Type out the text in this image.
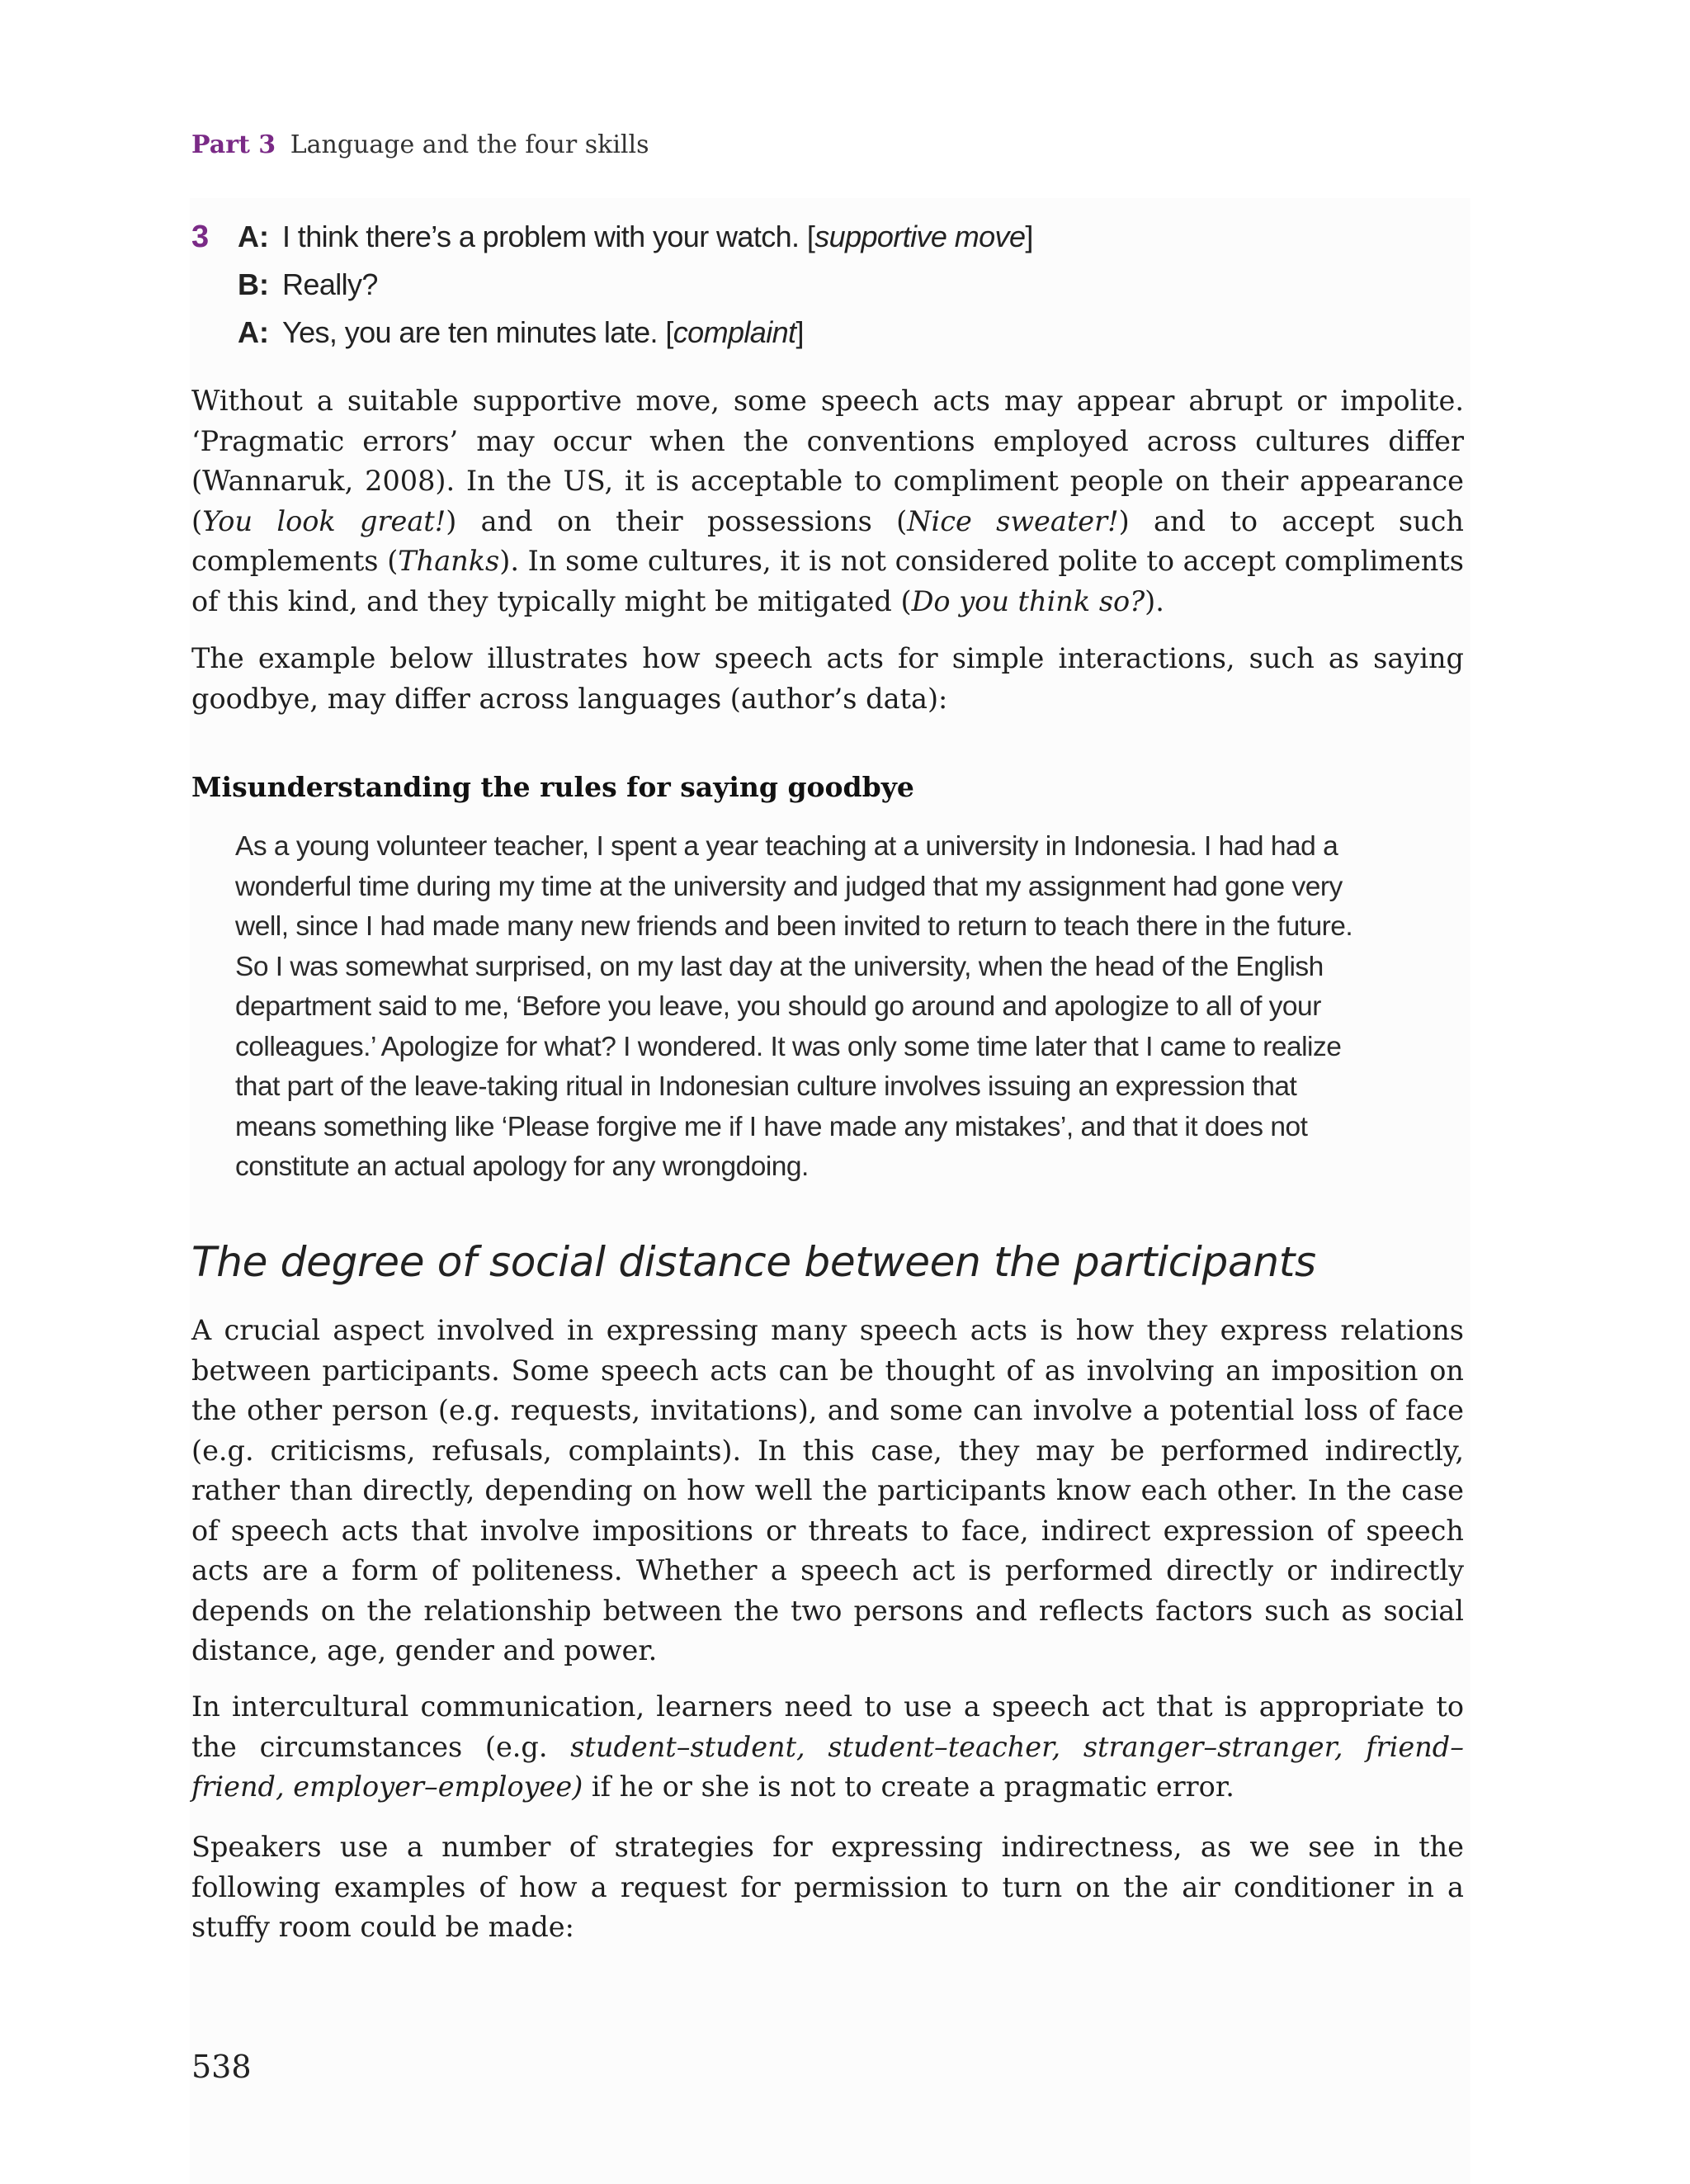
Part 3 Language and the four skills
3 A: I think there’s a problem with your watch. [supportive move]
B: Really?
A: Yes, you are ten minutes late. [complaint]

Without a suitable supportive move, some speech acts may appear abrupt or impolite. ‘Pragmatic errors’ may occur when the conventions employed across cultures differ (Wannaruk, 2008). In the US, it is acceptable to compliment people on their appearance (You look great!) and on their possessions (Nice sweater!) and to accept such complements (Thanks). In some cultures, it is not considered polite to accept compliments of this kind, and they typically might be mitigated (Do you think so?).

The example below illustrates how speech acts for simple interactions, such as saying goodbye, may differ across languages (author’s data):

Misunderstanding the rules for saying goodbye

As a young volunteer teacher, I spent a year teaching at a university in Indonesia. I had had a wonderful time during my time at the university and judged that my assignment had gone very well, since I had made many new friends and been invited to return to teach there in the future. So I was somewhat surprised, on my last day at the university, when the head of the English department said to me, ‘Before you leave, you should go around and apologize to all of your colleagues.’ Apologize for what? I wondered. It was only some time later that I came to realize that part of the leave-taking ritual in Indonesian culture involves issuing an expression that means something like ‘Please forgive me if I have made any mistakes’, and that it does not constitute an actual apology for any wrongdoing.

The degree of social distance between the participants

A crucial aspect involved in expressing many speech acts is how they express relations between participants. Some speech acts can be thought of as involving an imposition on the other person (e.g. requests, invitations), and some can involve a potential loss of face (e.g. criticisms, refusals, complaints). In this case, they may be performed indirectly, rather than directly, depending on how well the participants know each other. In the case of speech acts that involve impositions or threats to face, indirect expression of speech acts are a form of politeness. Whether a speech act is performed directly or indirectly depends on the relationship between the two persons and reflects factors such as social distance, age, gender and power.

In intercultural communication, learners need to use a speech act that is appropriate to the circumstances (e.g. student–student, student–teacher, stranger–stranger, friend–friend, employer–employee) if he or she is not to create a pragmatic error.

Speakers use a number of strategies for expressing indirectness, as we see in the following examples of how a request for permission to turn on the air conditioner in a stuffy room could be made:

538
